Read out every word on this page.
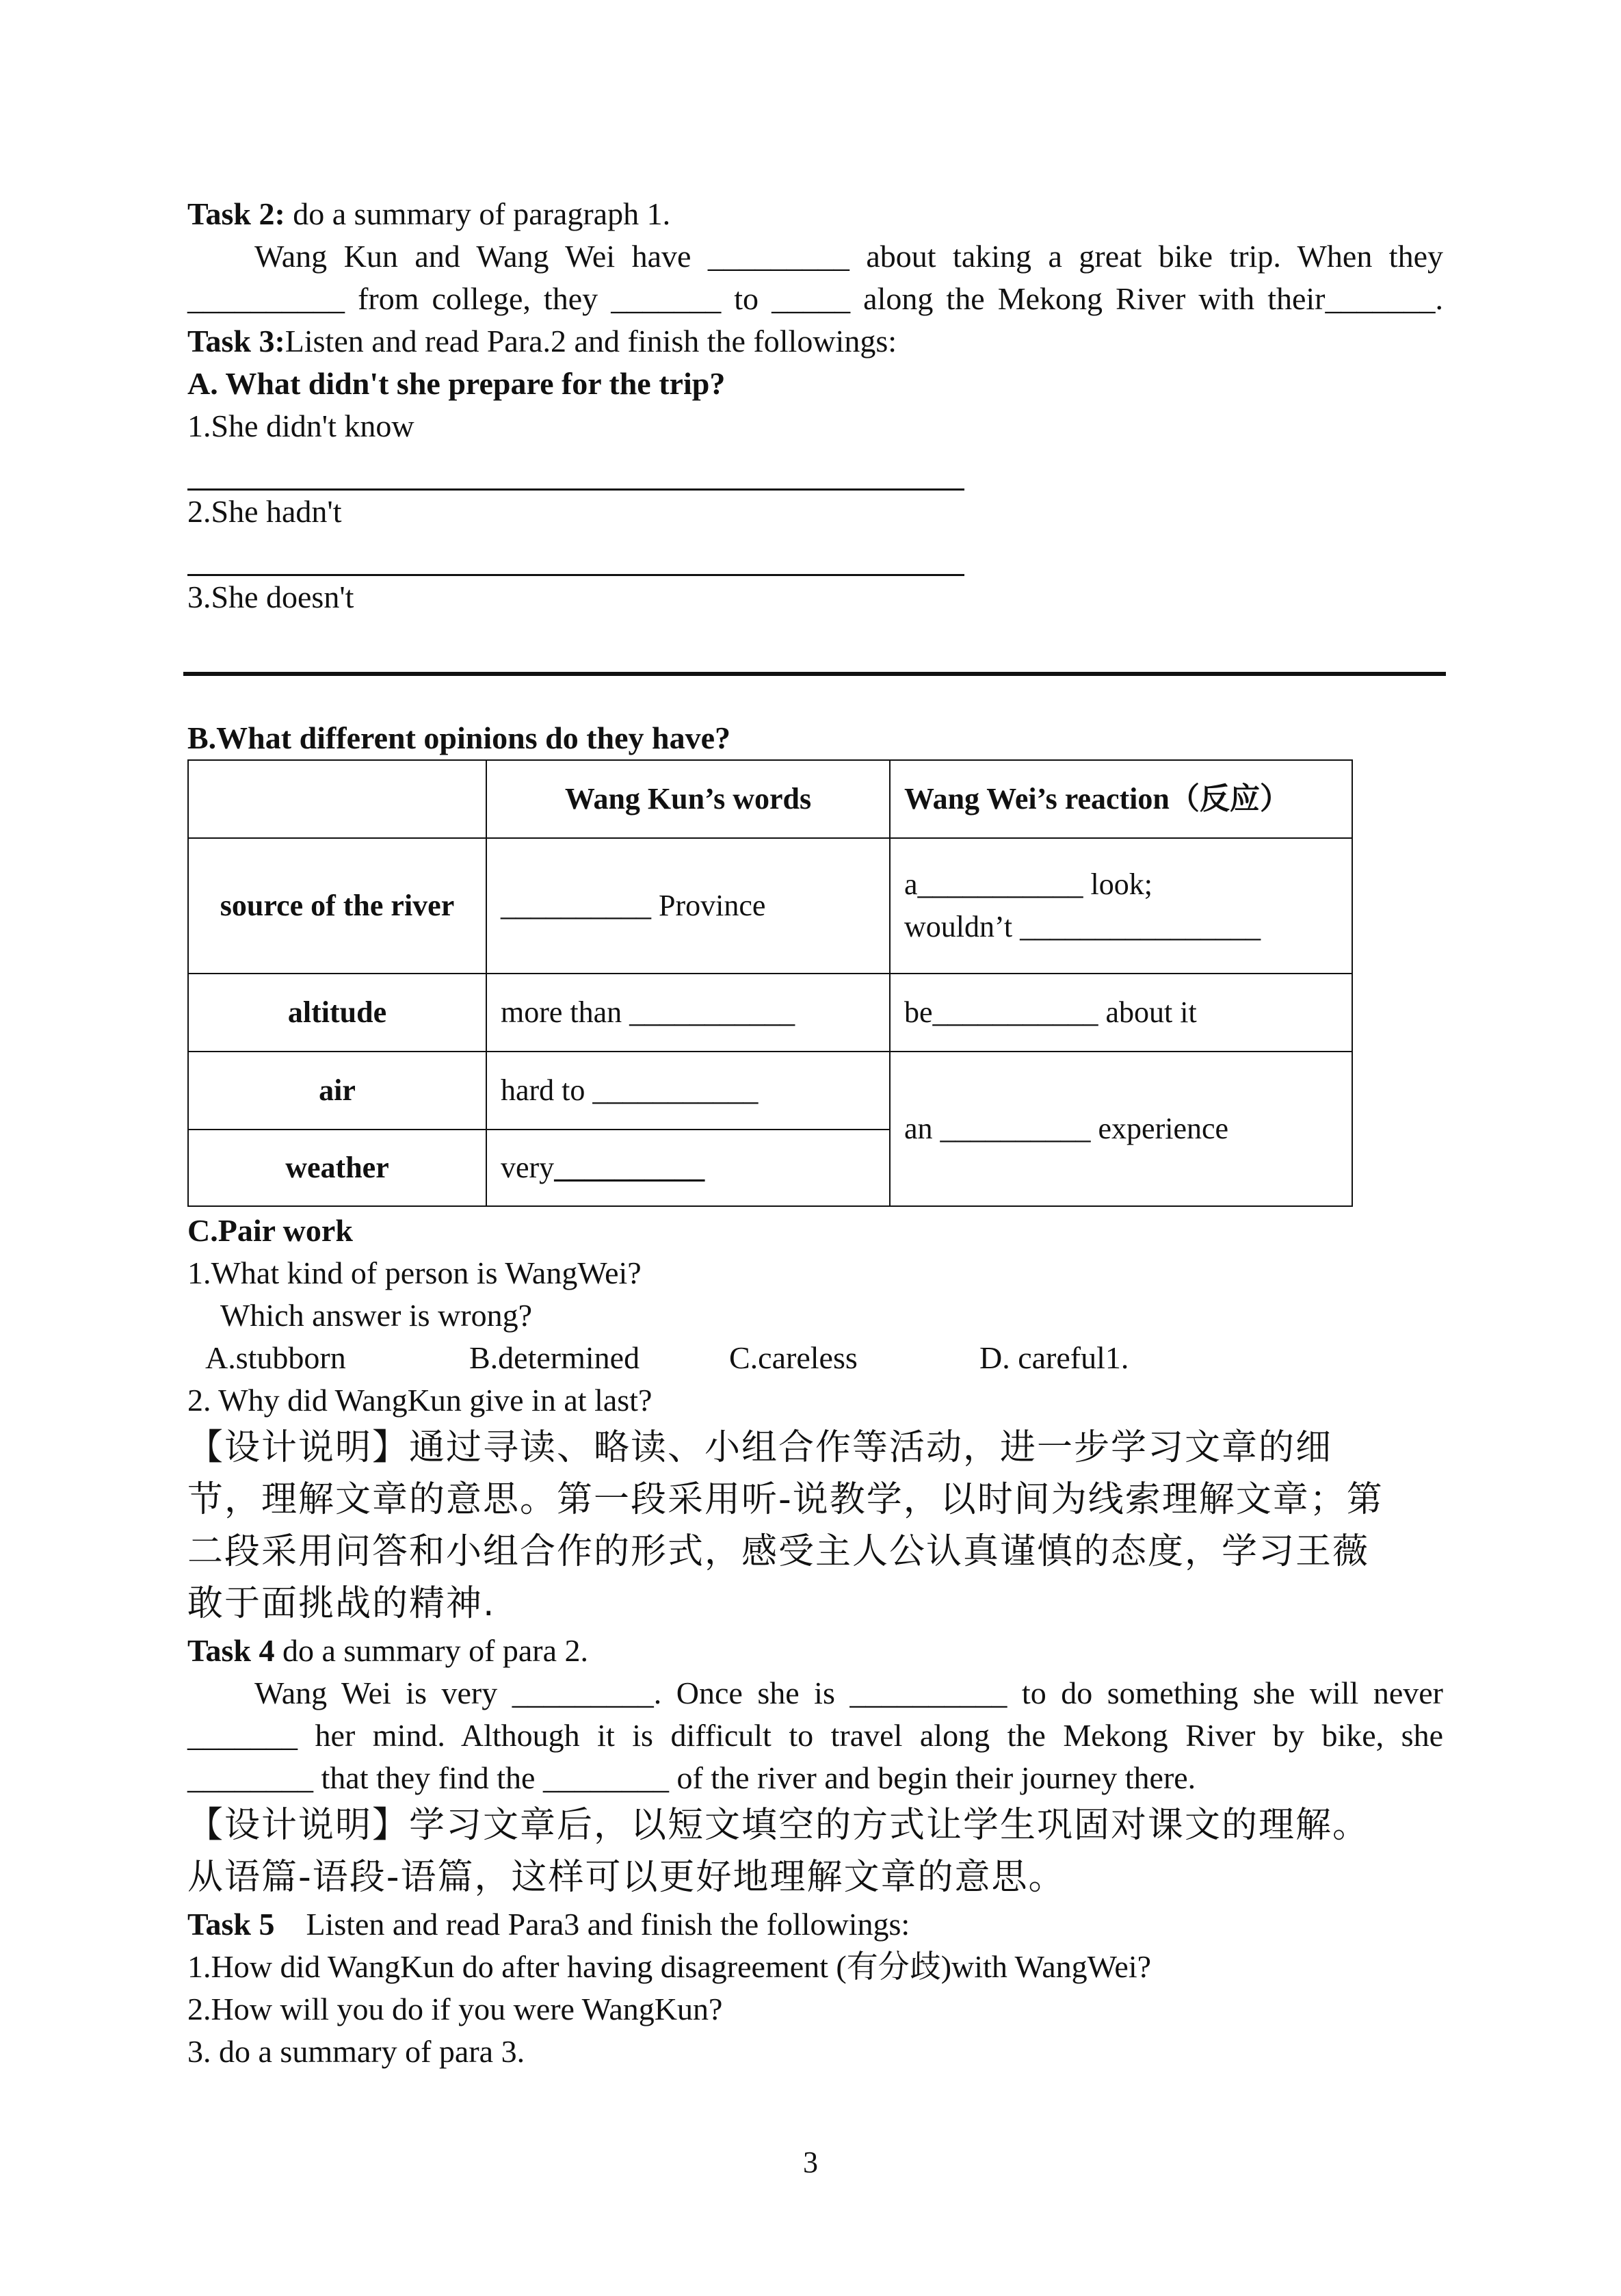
Task 2: do a summary of paragraph 1.
Wang Kun and Wang Wei have _________ about taking a great bike trip. When they
__________ from college, they _______ to _____ along the Mekong River with their_______.
Task 3:Listen and read Para.2 and finish the followings:
A. What didn't she prepare for the trip?
1.She didn't know
2.She hadn't
3.She doesn't
B.What different opinions do they have?
	Wang Kun’s words	Wang Wei’s reaction（反应）
source of the river	__________ Province	a___________ look;
wouldn’t ________________

altitude	more than ___________	be___________ about it
air	hard to ___________	an __________ experience
weather	very__________	
C.Pair work
1.What kind of person is WangWei?
Which answer is wrong?
A.stubborn	B.determined	C.careless	D. careful1.
2. Why did WangKun give in at last?
【设计说明】通过寻读、略读、小组合作等活动，进一步学习文章的细
节，理解文章的意思。第一段采用听-说教学，以时间为线索理解文章；第
二段采用问答和小组合作的形式，感受主人公认真谨慎的态度，学习王薇
敢于面挑战的精神.
Task 4 do a summary of para 2.
Wang Wei is very _________. Once she is __________ to do something she will never
_______ her mind. Although it is difficult to travel along the Mekong River by bike, she
________ that they find the ________ of the river and begin their journey there.
【设计说明】学习文章后，以短文填空的方式让学生巩固对课文的理解。
从语篇-语段-语篇，这样可以更好地理解文章的意思。
Task 5    Listen and read Para3 and finish the followings:
1.How did WangKun do after having disagreement (有分歧)with WangWei?
2.How will you do if you were WangKun?
3. do a summary of para 3.
3
